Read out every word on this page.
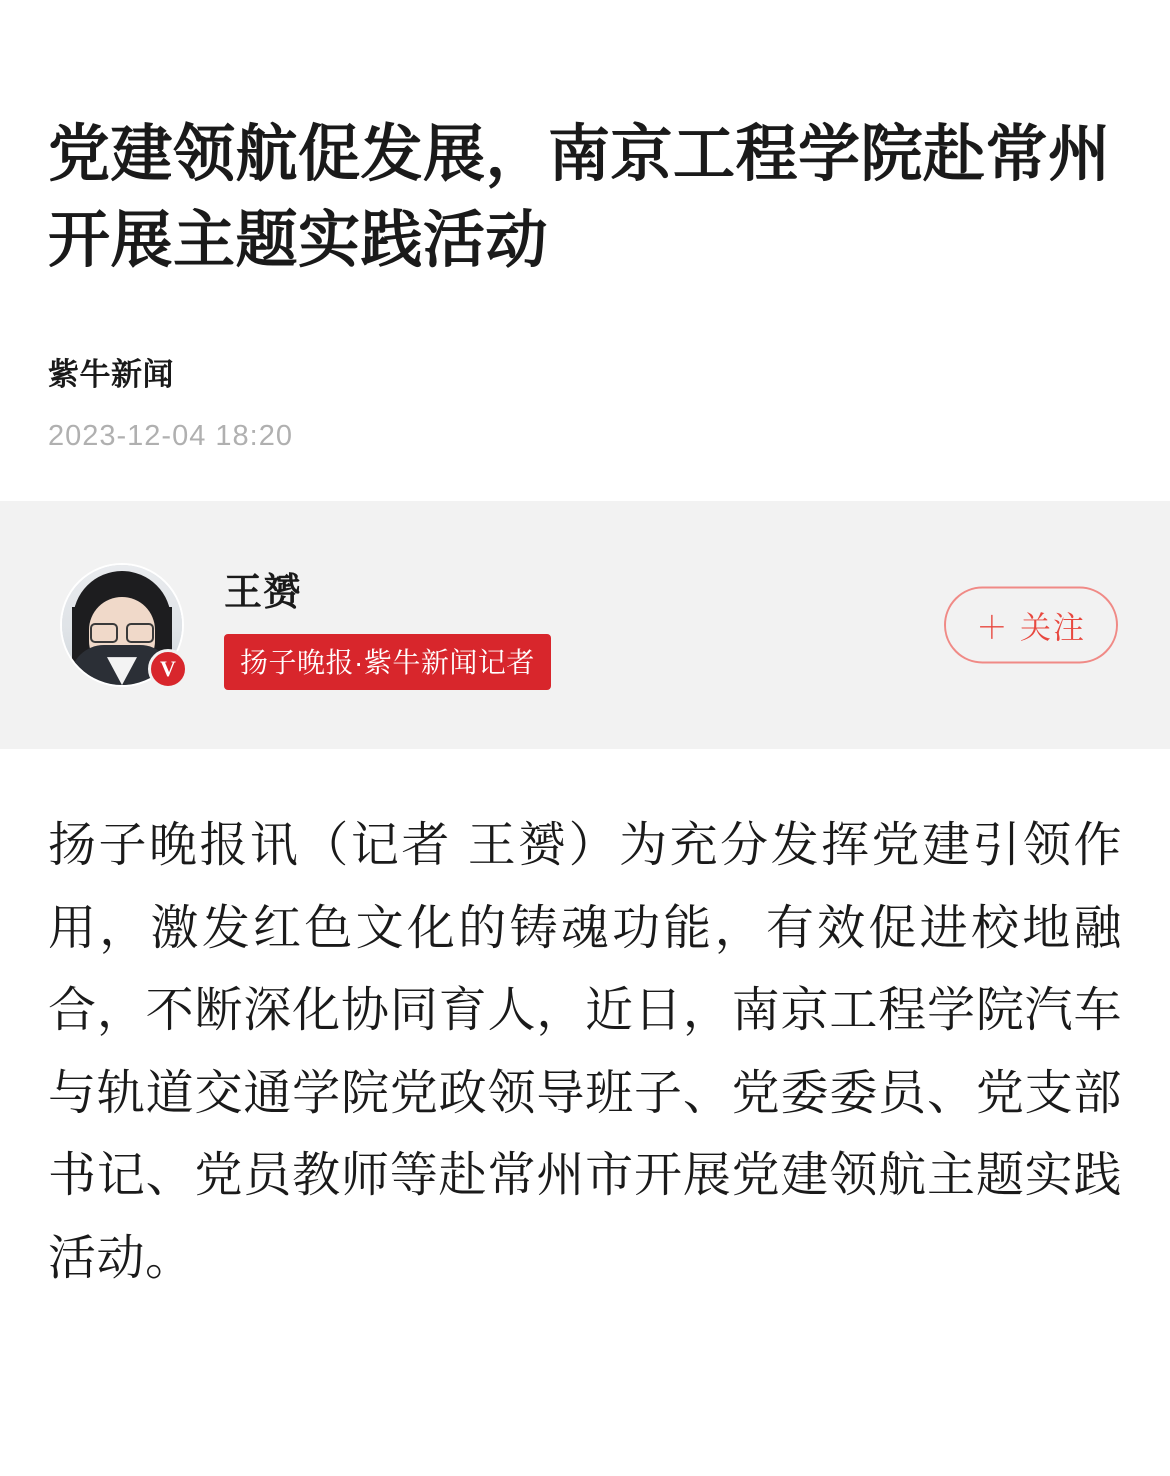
党建领航促发展，南京工程学院赴常州开展主题实践活动
紫牛新闻
2023-12-04 18:20
V
王赟
扬子晚报·紫牛新闻记者
＋ 关注

扬子晚报讯（记者 王赟）为充分发挥党建引领作用，激发红色文化的铸魂功能，有效促进校地融合，不断深化协同育人，近日，南京工程学院汽车与轨道交通学院党政领导班子、党委委员、党支部书记、党员教师等赴常州市开展党建领航主题实践活动。
